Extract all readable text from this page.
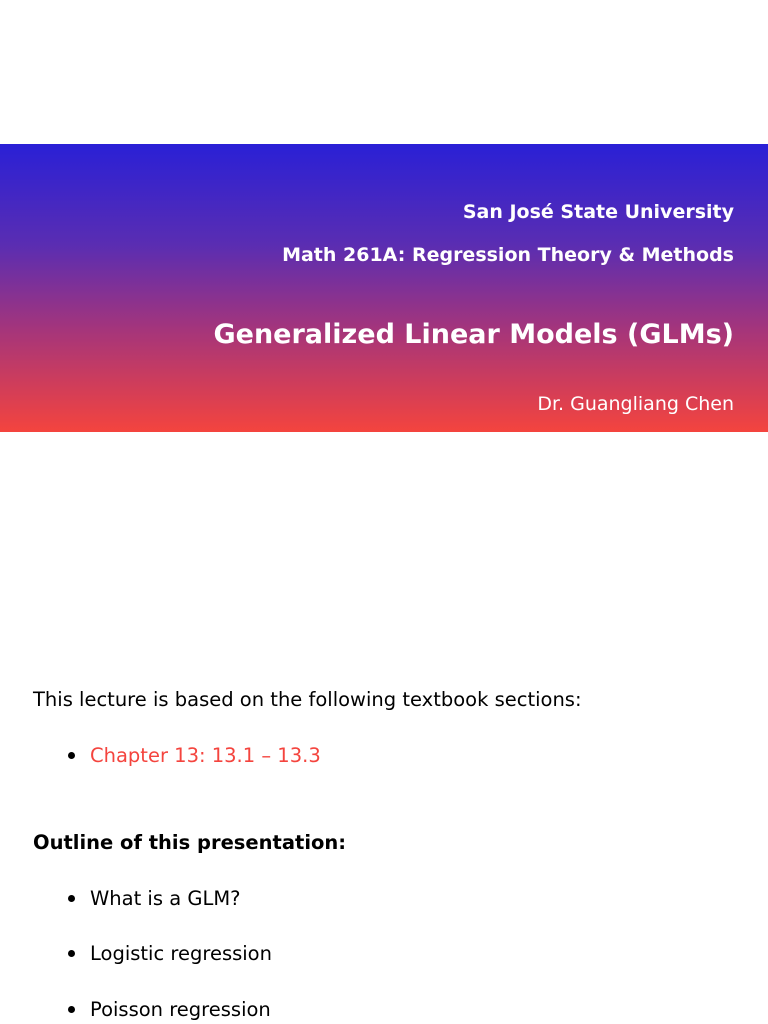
San José State University
Math 261A: Regression Theory & Methods
Generalized Linear Models (GLMs)
Dr. Guangliang Chen
This lecture is based on the following textbook sections:
Chapter 13: 13.1 – 13.3
Outline of this presentation:
What is a GLM?
Logistic regression
Poisson regression
